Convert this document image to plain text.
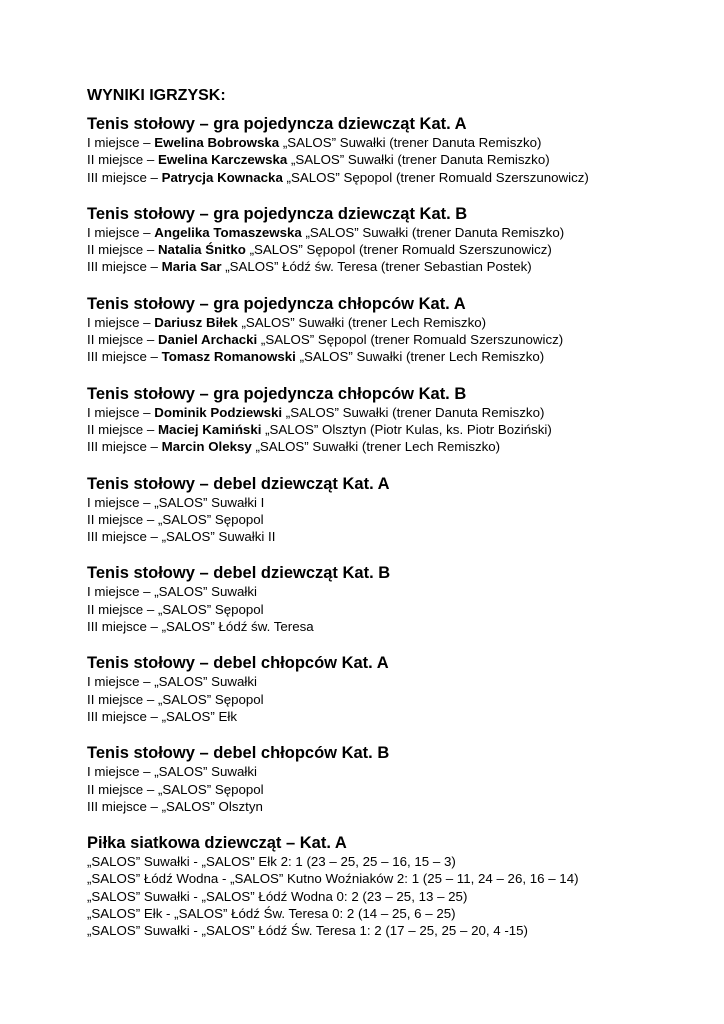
WYNIKI IGRZYSK:
Tenis stołowy – gra pojedyncza dziewcząt Kat. A
I miejsce – Ewelina Bobrowska „SALOS” Suwałki (trener Danuta Remiszko)
II miejsce – Ewelina Karczewska „SALOS” Suwałki (trener Danuta Remiszko)
III miejsce – Patrycja Kownacka „SALOS” Sępopol (trener Romuald Szerszunowicz)
Tenis stołowy – gra pojedyncza dziewcząt Kat. B
I miejsce – Angelika Tomaszewska „SALOS” Suwałki (trener Danuta Remiszko)
II miejsce – Natalia Śnitko „SALOS” Sępopol (trener Romuald Szerszunowicz)
III miejsce – Maria Sar „SALOS” Łódź św. Teresa (trener Sebastian Postek)
Tenis stołowy – gra pojedyncza chłopców Kat. A
I miejsce – Dariusz Biłek „SALOS” Suwałki (trener Lech Remiszko)
II miejsce – Daniel Archacki „SALOS” Sępopol (trener Romuald Szerszunowicz)
III miejsce – Tomasz Romanowski „SALOS” Suwałki (trener Lech Remiszko)
Tenis stołowy – gra pojedyncza chłopców Kat. B
I miejsce – Dominik Podziewski „SALOS” Suwałki (trener Danuta Remiszko)
II miejsce – Maciej Kamiński „SALOS” Olsztyn (Piotr Kulas, ks. Piotr Boziński)
III miejsce – Marcin Oleksy „SALOS” Suwałki (trener Lech Remiszko)
Tenis stołowy – debel dziewcząt Kat. A
I miejsce – „SALOS” Suwałki I
II miejsce – „SALOS” Sępopol
III miejsce – „SALOS” Suwałki II
Tenis stołowy – debel dziewcząt Kat. B
I miejsce – „SALOS” Suwałki
II miejsce – „SALOS” Sępopol
III miejsce – „SALOS” Łódź św. Teresa
Tenis stołowy – debel chłopców Kat. A
I miejsce – „SALOS” Suwałki
II miejsce – „SALOS” Sępopol
III miejsce – „SALOS” Ełk
Tenis stołowy – debel chłopców Kat. B
I miejsce – „SALOS” Suwałki
II miejsce – „SALOS” Sępopol
III miejsce – „SALOS” Olsztyn
Piłka siatkowa dziewcząt – Kat. A
„SALOS” Suwałki - „SALOS” Ełk 2: 1 (23 – 25, 25 – 16, 15 – 3)
„SALOS” Łódź Wodna - „SALOS” Kutno Woźniaków 2: 1 (25 – 11, 24 – 26, 16 – 14)
„SALOS” Suwałki - „SALOS” Łódź Wodna 0: 2 (23 – 25, 13 – 25)
„SALOS” Ełk - „SALOS” Łódź Św. Teresa 0: 2 (14 – 25, 6 – 25)
„SALOS” Suwałki - „SALOS” Łódź Św. Teresa 1: 2 (17 – 25, 25 – 20, 4 -15)
